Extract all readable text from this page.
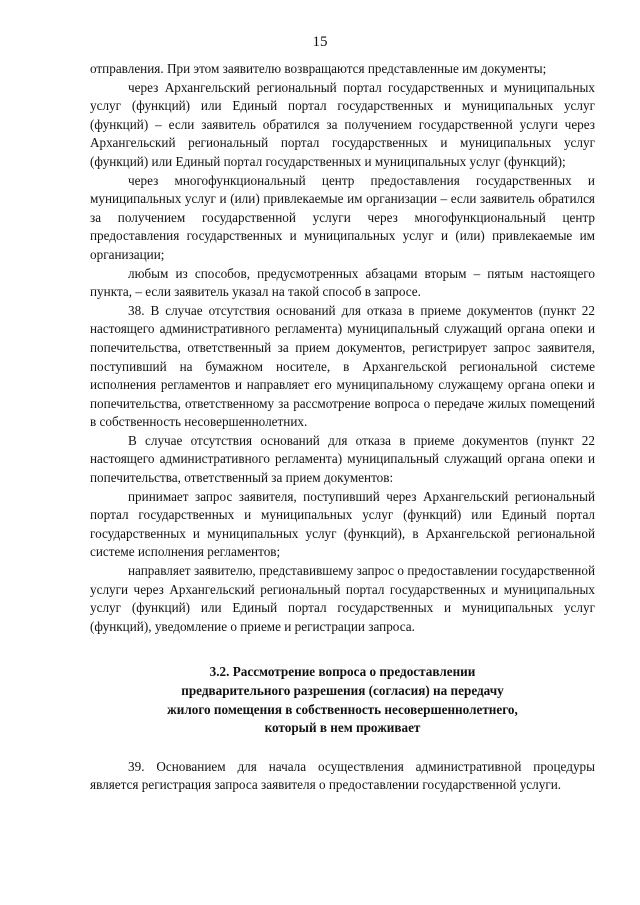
15

отправления. При этом заявителю возвращаются представленные им документы;

через Архангельский региональный портал государственных и муниципальных услуг (функций) или Единый портал государственных и муниципальных услуг (функций) – если заявитель обратился за получением государственной услуги через Архангельский региональный портал государственных и муниципальных услуг (функций) или Единый портал государственных и муниципальных услуг (функций);

через многофункциональный центр предоставления государственных и муниципальных услуг и (или) привлекаемые им организации – если заявитель обратился за получением государственной услуги через многофункциональный центр предоставления государственных и муниципальных услуг и (или) привлекаемые им организации;

любым из способов, предусмотренных абзацами вторым – пятым настоящего пункта, – если заявитель указал на такой способ в запросе.

38. В случае отсутствия оснований для отказа в приеме документов (пункт 22 настоящего административного регламента) муниципальный служащий органа опеки и попечительства, ответственный за прием документов, регистрирует запрос заявителя, поступивший на бумажном носителе, в Архангельской региональной системе исполнения регламентов и направляет его муниципальному служащему органа опеки и попечительства, ответственному за рассмотрение вопроса о передаче жилых помещений в собственность несовершеннолетних.

В случае отсутствия оснований для отказа в приеме документов (пункт 22 настоящего административного регламента) муниципальный служащий органа опеки и попечительства, ответственный за прием документов:

принимает запрос заявителя, поступивший через Архангельский региональный портал государственных и муниципальных услуг (функций) или Единый портал государственных и муниципальных услуг (функций), в Архангельской региональной системе исполнения регламентов;

направляет заявителю, представившему запрос о предоставлении государственной услуги через Архангельский региональный портал государственных и муниципальных услуг (функций) или Единый портал государственных и муниципальных услуг (функций), уведомление о приеме и регистрации запроса.

3.2. Рассмотрение вопроса о предоставлении
предварительного разрешения (согласия) на передачу
жилого помещения в собственность несовершеннолетнего,
который в нем проживает

39. Основанием для начала осуществления административной процедуры является регистрация запроса заявителя о предоставлении государственной услуги.
